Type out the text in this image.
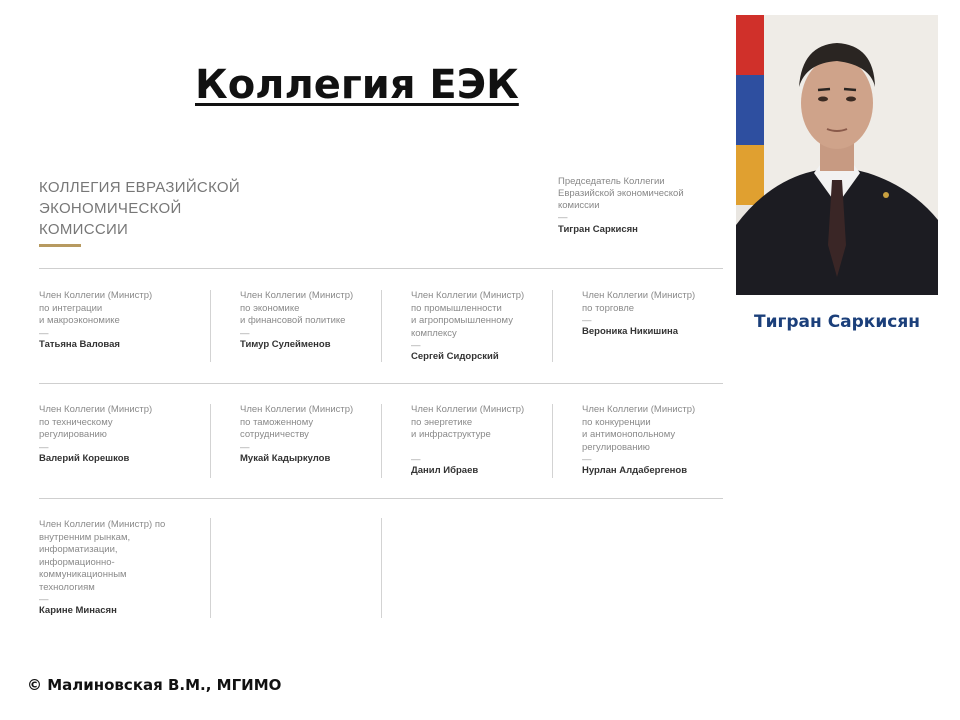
Коллегия ЕЭК
Тигран Саркисян
КОЛЛЕГИЯ ЕВРАЗИЙСКОЙ
ЭКОНОМИЧЕСКОЙ
КОМИССИИ
Председатель Коллегии
Евразийской экономической
комиссии
—
Тигран Саркисян
Член Коллегии (Министр)
по интеграции
и макроэкономике
—
Татьяна Валовая
Член Коллегии (Министр)
по экономике
и финансовой политике
—
Тимур Сулейменов
Член Коллегии (Министр)
по промышленности
и агропромышленному
комплексу
—
Сергей Сидорский
Член Коллегии (Министр)
по торговле
—
Вероника Никишина
Член Коллегии (Министр)
по техническому
регулированию
—
Валерий Корешков
Член Коллегии (Министр)
по таможенному
сотрудничеству
—
Мукай Кадыркулов
Член Коллегии (Министр)
по энергетике
и инфраструктуре
—
Данил Ибраев
Член Коллегии (Министр)
по конкуренции
и антимонопольному
регулированию
—
Нурлан Алдабергенов
Член Коллегии (Министр) по
внутренним рынкам,
информатизации,
информационно-
коммуникационным
технологиям
—
Карине Минасян
© Малиновская В.М., МГИМО
